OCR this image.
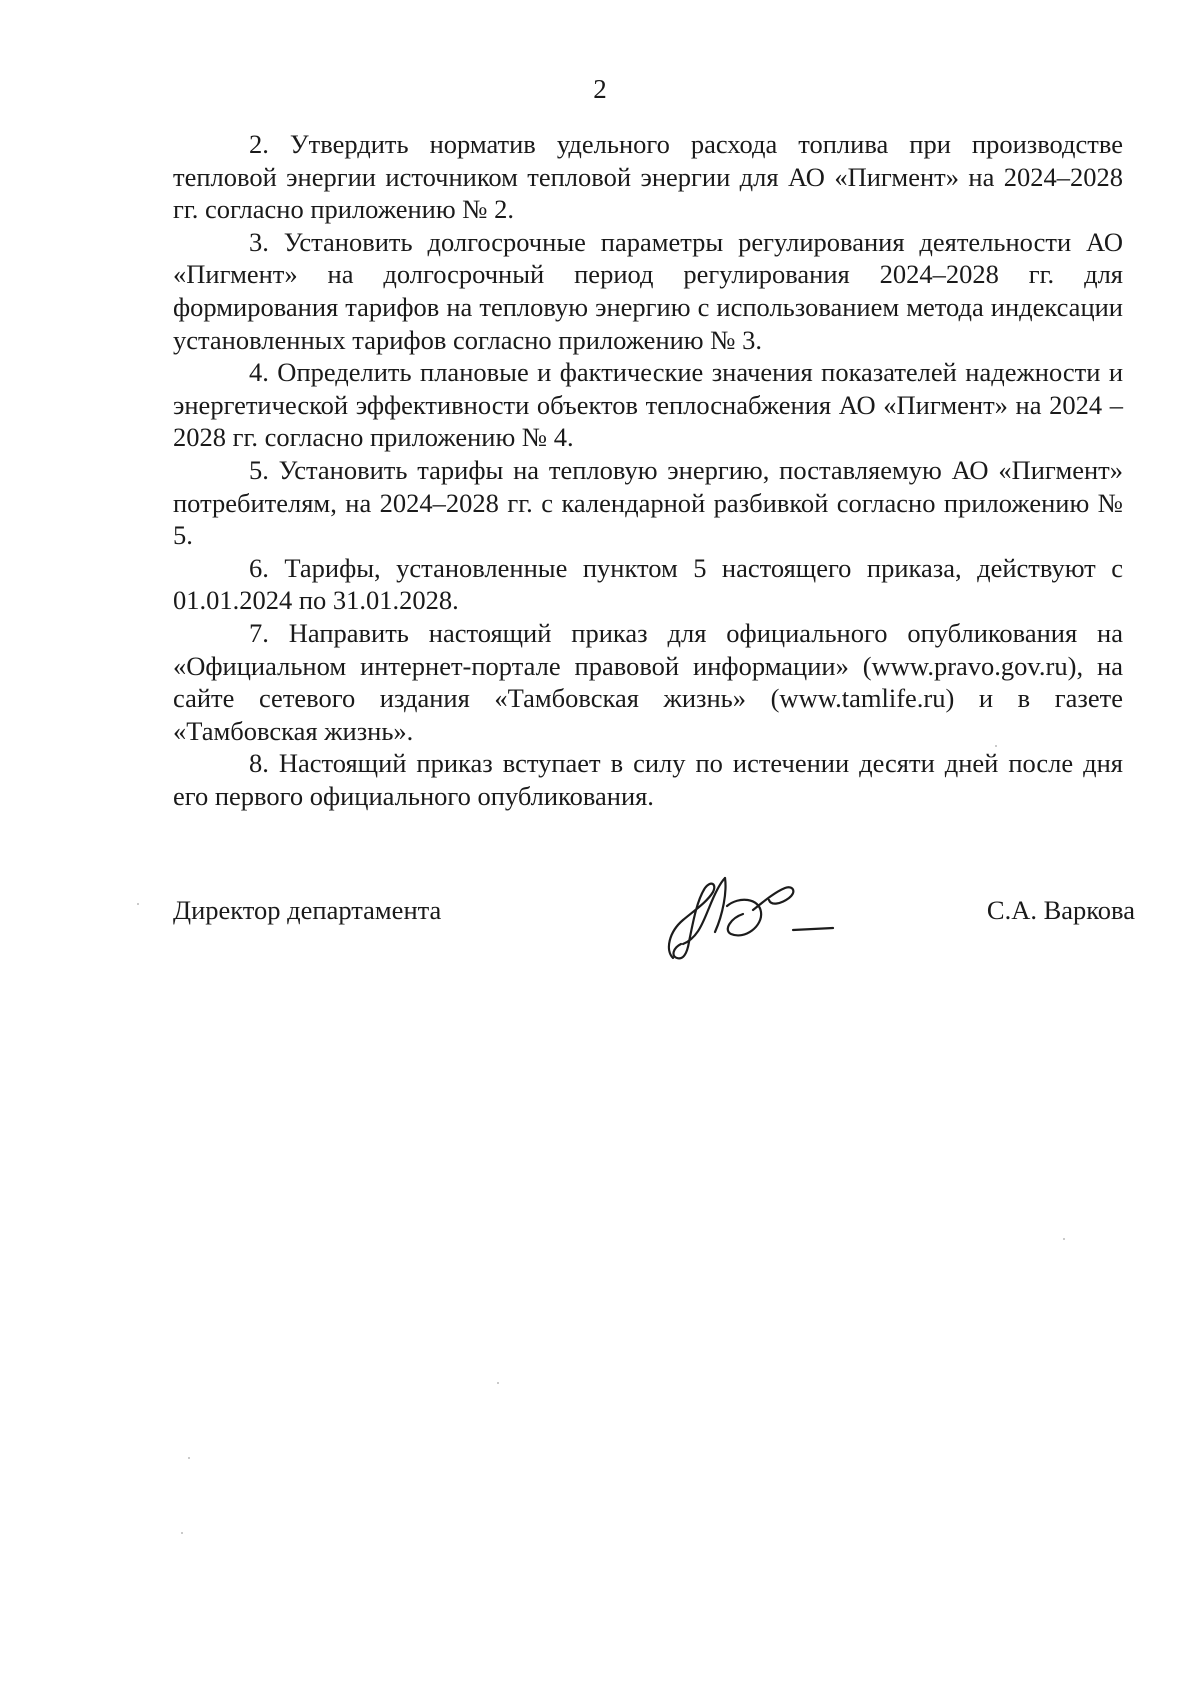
2

2. Утвердить норматив удельного расхода топлива при производстве тепловой энергии источником тепловой энергии для АО «Пигмент» на 2024–2028 гг. согласно приложению № 2.

3. Установить долгосрочные параметры регулирования деятельности АО «Пигмент» на долгосрочный период регулирования 2024–2028 гг. для формирования тарифов на тепловую энергию с использованием метода индексации установленных тарифов согласно приложению № 3.

4. Определить плановые и фактические значения показателей надежности и энергетической эффективности объектов теплоснабжения АО «Пигмент» на 2024 – 2028 гг. согласно приложению № 4.

5. Установить тарифы на тепловую энергию, поставляемую АО «Пигмент» потребителям, на 2024–2028 гг. с календарной разбивкой согласно приложению № 5.

6. Тарифы, установленные пунктом 5 настоящего приказа, действуют с 01.01.2024 по 31.01.2028.

7. Направить настоящий приказ для официального опубликования на «Официальном интернет-портале правовой информации» (www.pravo.gov.ru), на сайте сетевого издания «Тамбовская жизнь» (www.tamlife.ru) и в газете «Тамбовская жизнь».

8. Настоящий приказ вступает в силу по истечении десяти дней после дня его первого официального опубликования.

Директор департамента	С.А. Варкова
